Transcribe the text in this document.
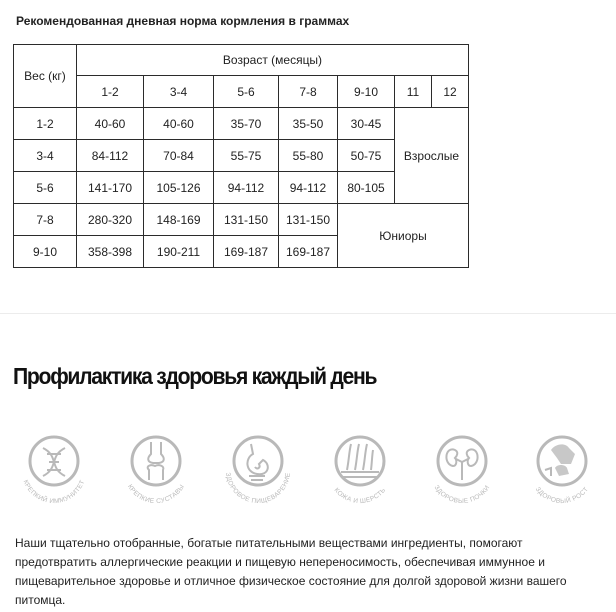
Рекомендованная дневная норма кормления в граммах
Вес (кг)	Возраст (месяцы)						
	1-2	3-4	5-6	7-8	9-10	11	12
1-2	40-60	40-60	35-70	35-50	30-45	Взрослые	
3-4	84-112	70-84	55-75	55-80	50-75		
5-6	141-170	105-126	94-112	94-112	80-105		
7-8	280-320	148-169	131-150	131-150	Юниоры		
9-10	358-398	190-211	169-187	169-187			
Профилактика здоровья каждый день
КРЕПКИЙ ИММУНИТЕТ
КРЕПКИЕ СУСТАВЫ
ЗДОРОВОЕ ПИЩЕВАРЕНИЕ
КОЖА И ШЕРСТЬ	ЗДОРОВЫЕ ПОЧКИ	ЗДОРОВЫЙ РОСТ
Наши тщательно отобранные, богатые питательными веществами ингредиенты, помогают предотвратить аллергические реакции и пищевую непереносимость, обеспечивая иммунное и пищеварительное здоровье и отличное физическое состояние для долгой здоровой жизни вашего питомца.
